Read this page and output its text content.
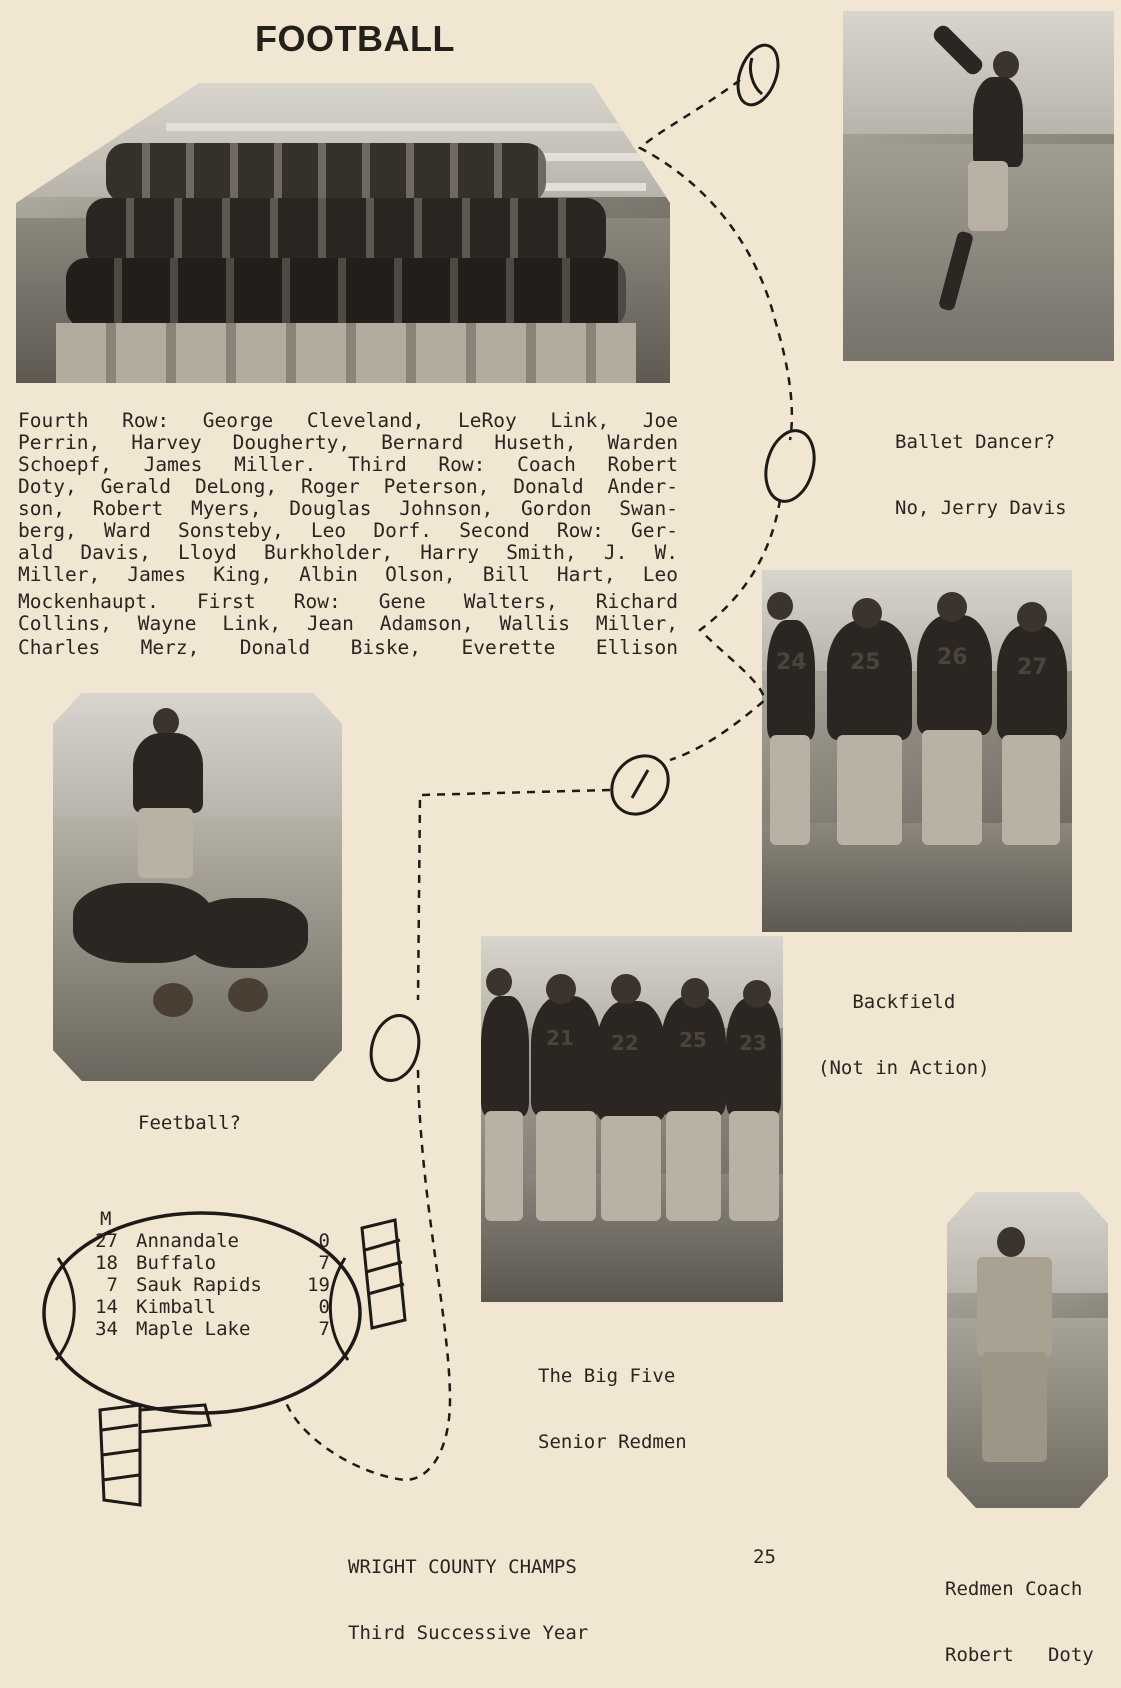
FOOTBALL
Fourth Row: George Cleveland, LeRoy Link, Joe
Perrin, Harvey Dougherty, Bernard Huseth, Warden
Schoepf, James Miller. Third Row: Coach Robert
Doty, Gerald DeLong, Roger Peterson, Donald Ander-
son, Robert Myers, Douglas Johnson, Gordon Swan-
berg, Ward Sonsteby, Leo Dorf. Second Row: Ger-
ald Davis, Lloyd Burkholder, Harry Smith, J. W.
Miller, James King, Albin Olson, Bill Hart, Leo
Mockenhaupt. First Row: Gene Walters, Richard
Collins, Wayne Link, Jean Adamson, Wallis Miller,
Charles Merz, Donald Biske, Everette Ellison

Ballet Dancer?

No, Jerry Davis

24 25	26 27

Backfield

(Not in Action)

Feetball?
21 22 25 23

The Big Five

Senior Redmen

Redmen Coach

Robert   Doty

M
27 Annandale	0
18 Buffalo	7
7 Sauk Rapids	19
14 Kimball	0
34 Maple Lake	7

WRIGHT COUNTY CHAMPS

Third Successive Year

25
